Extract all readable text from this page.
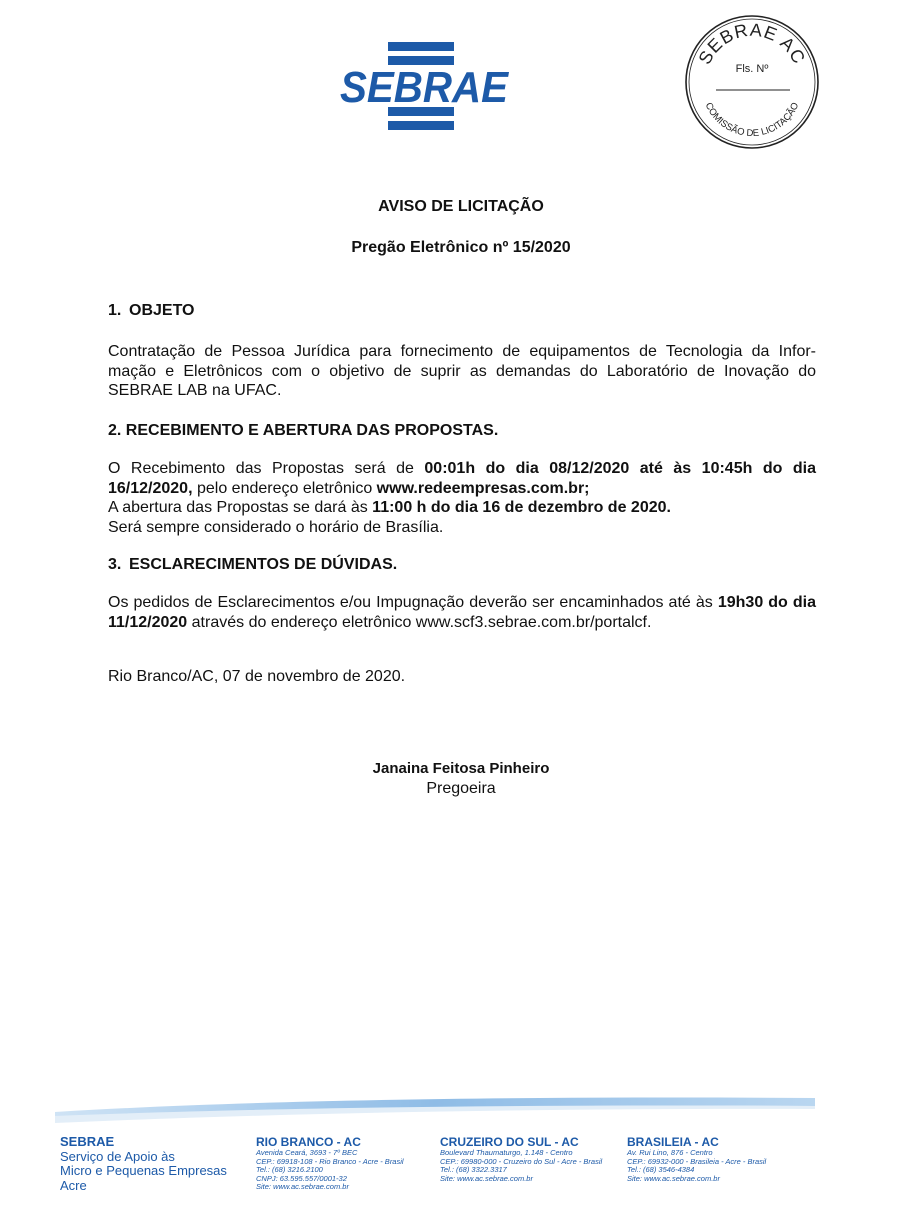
SEBRAE
SEBRAE AC
Fls. Nº
COMISSÃO DE LICITAÇÃO
AVISO DE LICITAÇÃO
Pregão Eletrônico nº 15/2020
1. OBJETO
Contratação de Pessoa Jurídica para fornecimento de equipamentos de Tecnologia da Infor-
mação e Eletrônicos com o objetivo de suprir as demandas do Laboratório de Inovação do
SEBRAE LAB na UFAC.
2. RECEBIMENTO E ABERTURA DAS PROPOSTAS.
O Recebimento das Propostas será de 00:01h do dia 08/12/2020 até às 10:45h do dia 16/12/2020, pelo endereço eletrônico www.redeempresas.com.br;
A abertura das Propostas se dará às 11:00 h do dia 16 de dezembro de 2020.
Será sempre considerado o horário de Brasília.
3. ESCLARECIMENTOS DE DÚVIDAS.
Os pedidos de Esclarecimentos e/ou Impugnação deverão ser encaminhados até às 19h30 do dia 11/12/2020 através do endereço eletrônico www.scf3.sebrae.com.br/portalcf.
Rio Branco/AC, 07 de novembro de 2020.
Janaina Feitosa Pinheiro
Pregoeira
SEBRAE
Serviço de Apoio às
Micro e Pequenas Empresas
Acre
RIO BRANCO - AC
Avenida Ceará, 3693 - 7º BEC
CEP.: 69918-108 - Rio Branco - Acre - Brasil
Tel.: (68) 3216.2100
CNPJ: 63.595.557/0001-32
Site: www.ac.sebrae.com.br
CRUZEIRO DO SUL - AC
Boulevard Thaumaturgo, 1.148 - Centro
CEP.: 69980-000 - Cruzeiro do Sul - Acre - Brasil
Tel.: (68) 3322.3317
Site: www.ac.sebrae.com.br
BRASILEIA - AC
Av. Rui Lino, 876 - Centro
CEP.: 69932-000 - Brasileia - Acre - Brasil
Tel.: (68) 3546-4384
Site: www.ac.sebrae.com.br
